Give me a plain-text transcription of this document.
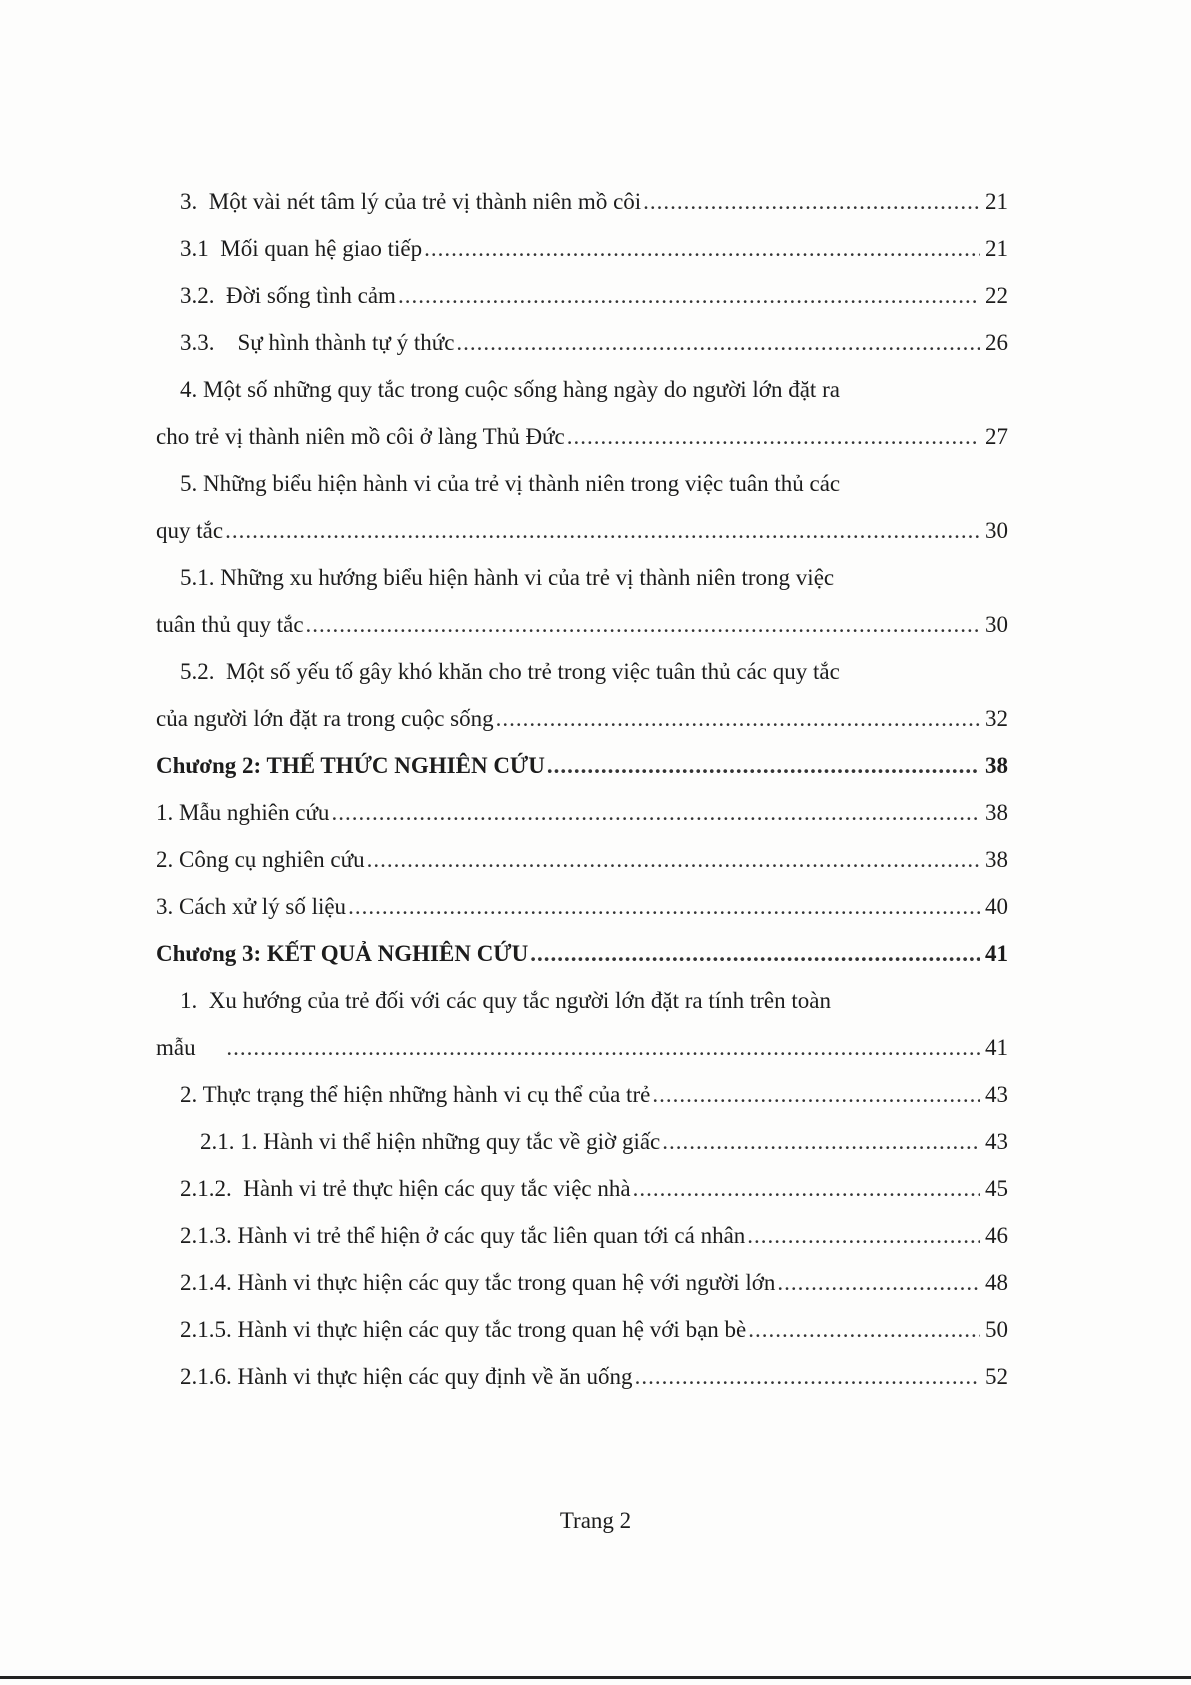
3.  Một vài nét tâm lý của trẻ vị thành niên mồ côi .....	21
3.1  Mối quan hệ giao tiếp .....	21
3.2.  Đời sống tình cảm .....	22
3.3.    Sự hình thành tự ý thức .....	26
4. Một số những quy tắc trong cuộc sống hàng ngày do người lớn đặt ra
cho trẻ vị thành niên mồ côi ở làng Thủ Đức .....	27
5. Những biểu hiện hành vi của trẻ vị thành niên trong việc tuân thủ các
quy tắc .....	30
5.1. Những xu hướng biểu hiện hành vi của trẻ vị thành niên trong việc
tuân thủ quy tắc .....	30
5.2.  Một số yếu tố gây khó khăn cho trẻ trong việc tuân thủ các quy tắc
của người lớn đặt ra trong cuộc sống .....	32
Chương 2: THẾ THỨC NGHIÊN CỨU .....	38
1. Mẫu nghiên cứu .....	38
2. Công cụ nghiên cứu .....	38
3. Cách xử lý số liệu .....	40
Chương 3: KẾT QUẢ NGHIÊN CỨU .....	41
1.  Xu hướng của trẻ đối với các quy tắc người lớn đặt ra tính trên toàn
mẫu .....	41
2. Thực trạng thể hiện những hành vi cụ thể của trẻ .....	43
2.1. 1. Hành vi thể hiện những quy tắc về giờ giấc .....	43
2.1.2.  Hành vi trẻ thực hiện các quy tắc việc nhà .....	45
2.1.3. Hành vi trẻ thể hiện ở các quy tắc liên quan tới cá nhân .....	46
2.1.4. Hành vi thực hiện các quy tắc trong quan hệ với người lớn .....	48
2.1.5. Hành vi thực hiện các quy tắc trong quan hệ với bạn bè .....	50
2.1.6. Hành vi thực hiện các quy định về ăn uống .....	52
Trang 2
